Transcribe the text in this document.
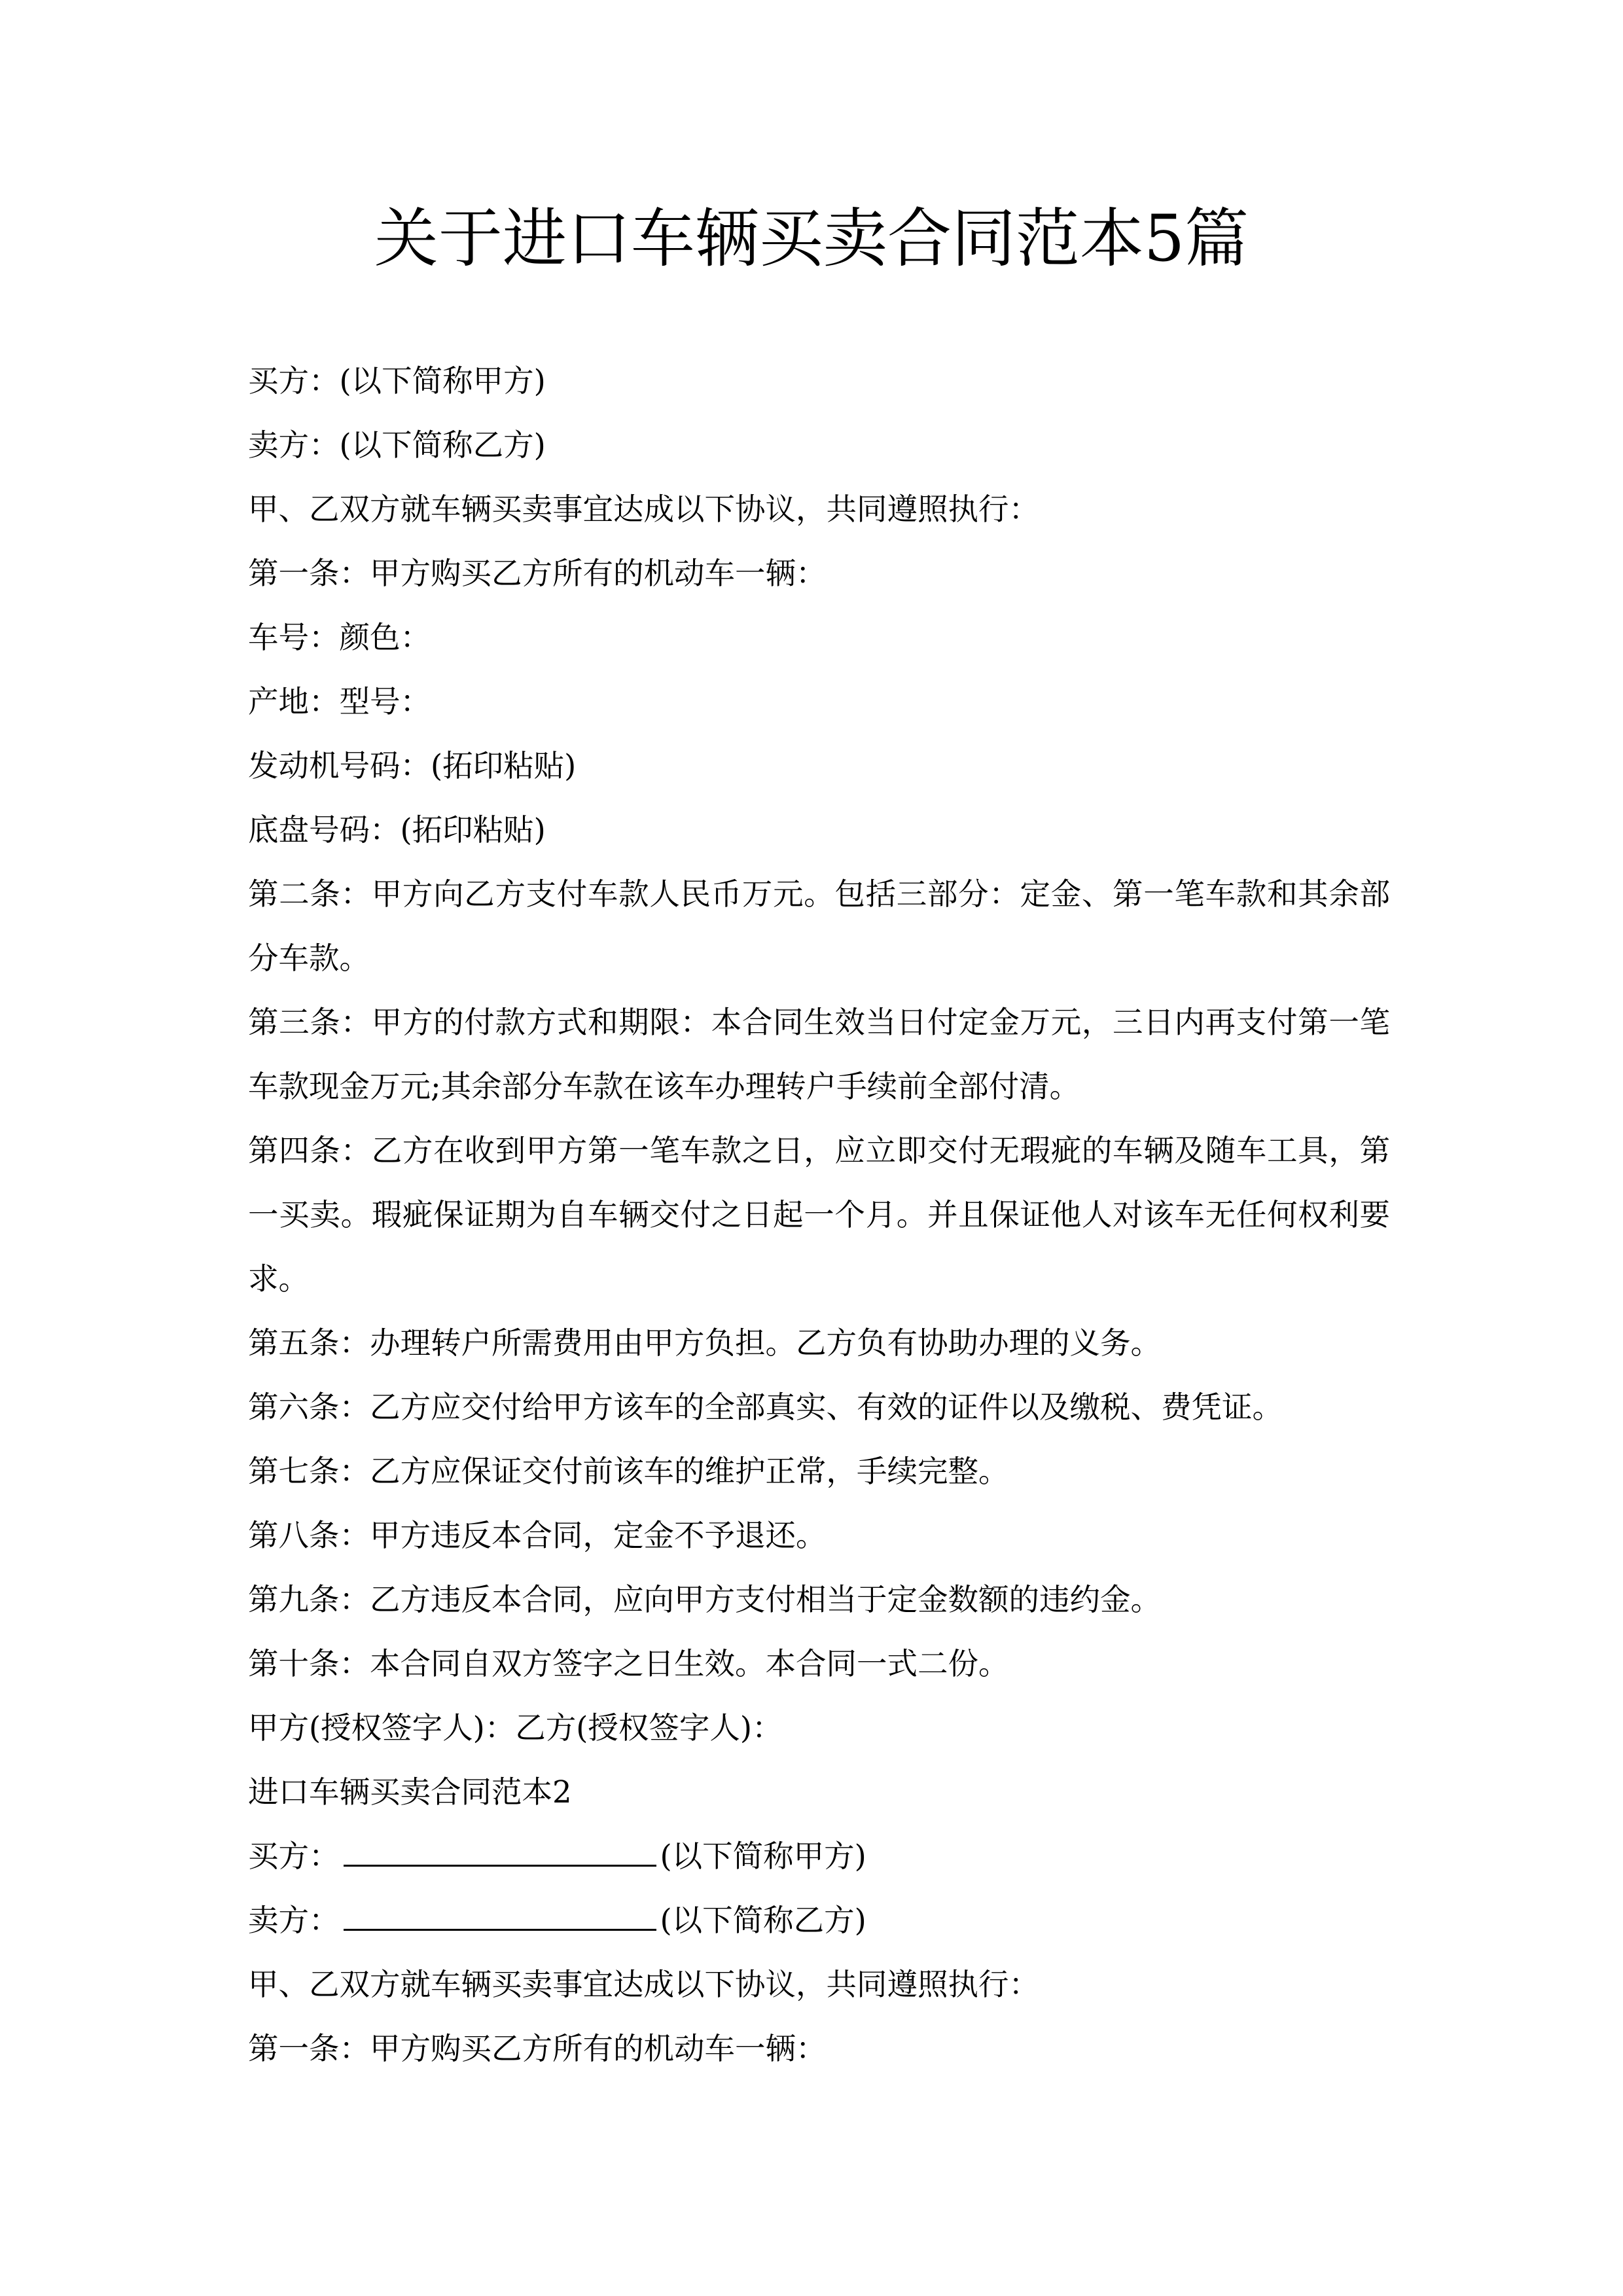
关于进口车辆买卖合同范本5篇

买方：(以下简称甲方)

卖方：(以下简称乙方)

甲、乙双方就车辆买卖事宜达成以下协议，共同遵照执行：

第一条：甲方购买乙方所有的机动车一辆：

车号：颜色：

产地：型号：

发动机号码：(拓印粘贴)

底盘号码：(拓印粘贴)

第二条：甲方向乙方支付车款人民币万元。包括三部分：定金、第一笔车款和其余部分车款。

第三条：甲方的付款方式和期限：本合同生效当日付定金万元，三日内再支付第一笔车款现金万元;其余部分车款在该车办理转户手续前全部付清。

第四条：乙方在收到甲方第一笔车款之日，应立即交付无瑕疵的车辆及随车工具，第一买卖。瑕疵保证期为自车辆交付之日起一个月。并且保证他人对该车无任何权利要求。

第五条：办理转户所需费用由甲方负担。乙方负有协助办理的义务。

第六条：乙方应交付给甲方该车的全部真实、有效的证件以及缴税、费凭证。

第七条：乙方应保证交付前该车的维护正常，手续完整。

第八条：甲方违反本合同，定金不予退还。

第九条：乙方违反本合同，应向甲方支付相当于定金数额的违约金。

第十条：本合同自双方签字之日生效。本合同一式二份。

甲方(授权签字人)：乙方(授权签字人)：

进口车辆买卖合同范本2

买方：	(以下简称甲方)

卖方：	(以下简称乙方)

甲、乙双方就车辆买卖事宜达成以下协议，共同遵照执行：

第一条：甲方购买乙方所有的机动车一辆：
